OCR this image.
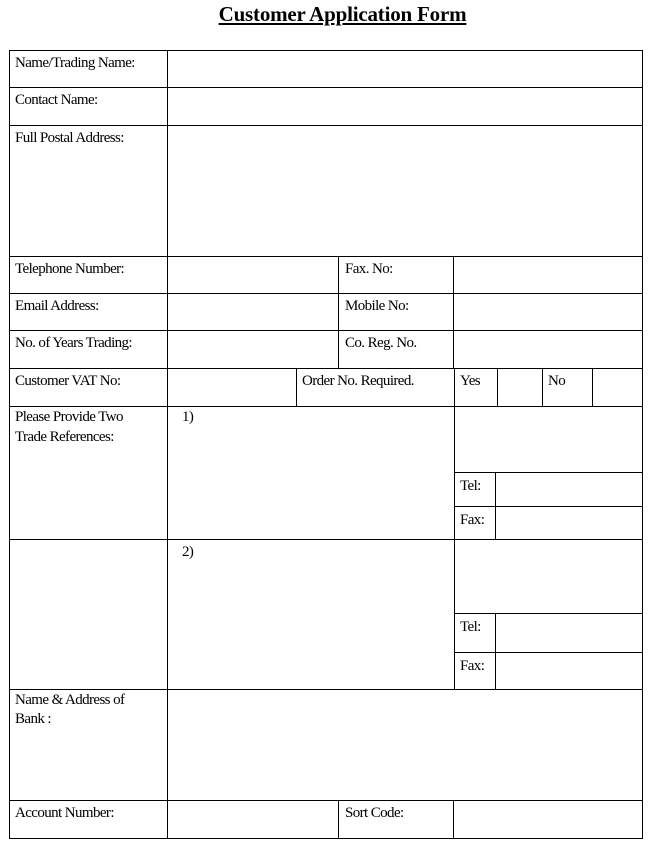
Customer Application Form
Name/Trading Name:
Contact Name:
Full Postal Address:
Telephone Number:	Fax. No:
Email Address:	Mobile No:
No. of Years Trading:	Co. Reg. No.
Customer VAT No:	Order No. Required.	Yes	No
Please Provide Two
Trade References:
1)
Tel:
Fax:
2)
Tel:
Fax:
Name & Address of
Bank :
Account Number:	Sort Code:
